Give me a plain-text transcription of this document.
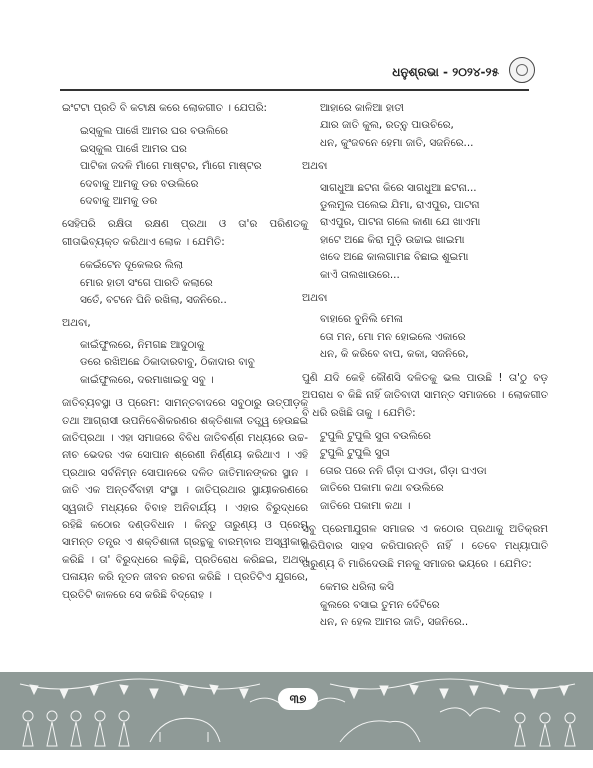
ଧନୁଶ୍ରଭା - ୨୦୨୪-୨୫

ଇଂଟଟା ପ୍ରତି ବି କଟାକ୍ଷ କରେ ଲୋକଗୀତ । ଯେପରି:

ଇସ୍କୁଲ ପାଖେଁ ଆମର ଘର ବଉଲିରେ
ଇସ୍କୁଲ ପାଖେଁ ଆମର ଘର
ପାଟିକା ଜଦଳି ମାଁଗେ ମାଷ୍ଟର, ମାଁଗେ ମାଷ୍ଟର
ଦେବାକୁ ଆମକୁ ଡର ବଉଲିରେ
ଦେବାକୁ ଆମକୁ ଡର

ସେହିପରି ରକ୍ଷିତା ରକ୍ଷଣ ପ୍ରଥା ଓ ତା'ର ପରିଣତକୁ ଗୀତାଭିବ୍ୟକ୍ତ କରିଥାଏ ଲୋକ । ଯେମିତି:

କେଇଁଟେନ ଦୂକେଲର ଲିଲା
ମୋର ହାତୀ ସଂଗେ ପାରତି କଲାରେ
ସତେଁ, ବଟନେ ଘିନି ରଖିଲା, ସଜନିରେ..
ଅଥବା,
କାଇଁଫୁଲରେ, ନିମଗଛ ଆଦୁଠାକୁ
ଡରେ ରଖିଅଛେ ଠିକାଦାରବାବୁ, ଠିକାଦାର ବାବୁ
କାଇଁଫୁଲରେ, ଦରମାଖାଇବୁ ସବୁ ।

ଜାତିବ୍ୟବସ୍ଥା ଓ ପ୍ରେମ: ସାମନ୍ତବାଦରେ ସବୁଠାରୁ ଉତ୍ପୀଡ଼କ ତଥା ଆଗ୍ରାସୀ ଉପନିବେଶିକରଣର ଶକ୍ତିଶାଳୀ ତତ୍ତ୍ୱ ହେଉଛଇ ଜାତିପ୍ରଥା । ଏହା ସମାଜରେ ବିବିଧ ଜାତିବର୍ଣ୍ଣ ମଧ୍ୟରେ ଉଚ୍ଚ-ନୀଚ ଭେଦର ଏକ ସୋପାନ ଶ୍ରେଣୀ ନିର୍ଣ୍ଣୟ କରିଥାଏ । ଏହି ପ୍ରଥାର ସର୍ବନିମ୍ନ ସୋପାନରେ ଦଳିତ ଜାତିମାନଙ୍କର ସ୍ଥାନ । ଜାତି ଏକ ଅନ୍ତର୍ବିବାହୀ ସଂସ୍ଥା । ଜାତିପ୍ରଥାର ସ୍ଥାୟୀକରଣରେ ସ୍ୱଜାତି ମଧ୍ୟରେ ବିବାହ ଅନିବାର୍ଯ୍ୟ । ଏହାର ବିରୁଦ୍ଧରେ ରହିଛି କଠୋର ଦଣ୍ଡବିଧାନ । କିନ୍ତୁ ତାରୁଣ୍ୟ ଓ ପ୍ରେମ ସାମନ୍ତ ତନ୍ତ୍ର ଏ ଶକ୍ତିଶାଳୀ ଗ୍ରନ୍ଥକୁ ବାରମ୍ବାର ଅସ୍ୱୀକାର କରିଛି । ତା' ବିରୁଦ୍ଧରେ ଲଢ଼ିଛି, ପ୍ରତିରୋଧ କରିଛଇ, ଅଥବା ପଳାୟନ କରି ନୂତନ ଜୀବନ ରଚନା କରିଛି । ପ୍ରତିଟିଏ ଯୁଗରେ, ପ୍ରତିଟି କାଳରେ ସେ କରିଛି ବିଦ୍ରୋହ ।

ଆହାରେ କାଳିଆ ହାତୀ
ଯାର ଜାତି କୁଲ, ରତ୍ନୁ ପାଉଚିରେ,
ଧନ, କୁଂଜବନେ ହେମା ଜାତି, ସଜନିରେ...
ଅଥବା
ସାଗଧୁଆ ଛଟନା କିରେ ସାଗଧୁଆ ଛଟନା...
ଡୁଲମୁଲ ପଲେଇ ଯିମା, ରାଏପୁର, ପାଟନା
ରାଏପୁର, ପାଟନା ଗଲେ କାଣା ଯେ ଖାଏମା
ହାଟେ ଅଛେ କିରା ମୁଡ଼ି ଉଚ୍ଚାଇ ଖାଇମା
ଖଦେ ଅଛେ କାଲଗାମଛ ବିଛାଇ ଶୁଇମା
କାଏଁ ତାଲଖାଉରେ...
ଅଥବା
ବାହାରେ ବୁନିଲି ମେଳା
ତୋ ମନ, ମୋ ମନ ହୋଇଲେ ଏକାରେ
ଧନ, କି କରିବେ ବାପ, କକା, ସଜନିରେ,

ପୁଣି ଯଦି କେହି କୌଣସି ଦଳିତକୁ ଭଲ ପାଉଛି ! ତା'ଠୁ ବଡ଼ ଅପରାଧ ବ କିଛି ନାହିଁ ଜାତିବାଦୀ ସାମନ୍ତ ସମାଜରେ । ଲୋକଗୀତ ବି ଧରି ରଖିଛି ତାକୁ । ଯେମିତି:

ଟୁପୁଲି ଟୁପୁଲି ସୁତା ବଉଲିରେ
ଟୁପୁଲି ଟୁପୁଲି ସୁତା
ତୋର ପରେ ନନି ଗଁଡ଼ା ଘଏଡା, ଗଁଡ଼ା ଘଏଡା
ଜାତିରେ ପକାମା କଥା ବଉଲିରେ
ଜାତିରେ ପକାମା କଥା ।

ସବୁ ପ୍ରେମୀଯୁଗଳ ସମାଜର ଏ କଠୋର ପ୍ରଥାକୁ ଅତିକ୍ରମ କରିପିବାର ସାହସ କରିପାରନ୍ତି ନାହିଁ । ତେବେ ମଧ୍ୟାପାତି ତାରୁଣ୍ୟ ବି ମାରିଦେଉଛି ମନକୁ ସମାଜର ଭୟରେ । ଯେମିତ:

କେମର ଧରିଲା କସି
କୁଲରେ ବସାଇ ତୁମନ ଦେଁଟିରେ
ଧନ, ନ ହେଲ ଆମର ଜାତି, ସଜନିରେ..
୩୭
